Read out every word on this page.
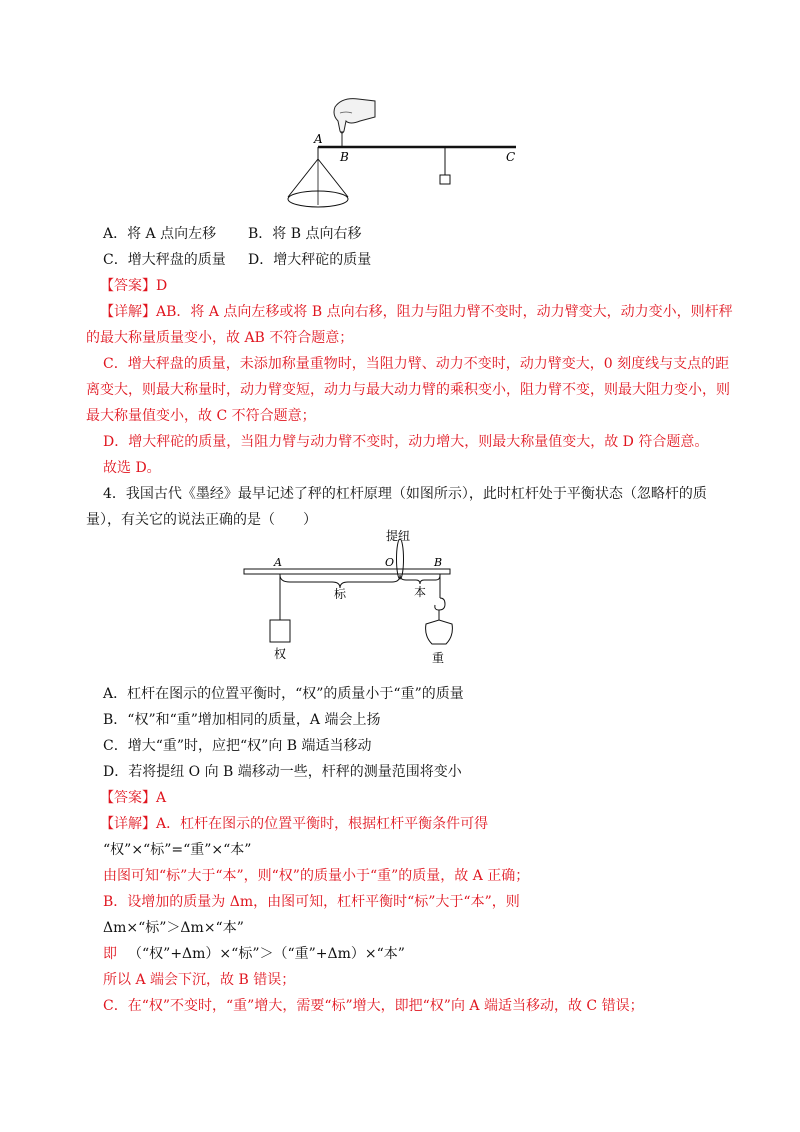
A
B	C
A．将 A 点向左移 B．将 B 点向右移
C．增大秤盘的质量 D．增大秤砣的质量
【答案】D
【详解】AB．将 A 点向左移或将 B 点向右移，阻力与阻力臂不变时，动力臂变大，动力变小，则杆秤
的最大称量质量变小，故 AB 不符合题意；
C．增大秤盘的质量，未添加称量重物时，当阻力臂、动力不变时，动力臂变大，0 刻度线与支点的距
离变大，则最大称量时，动力臂变短，动力与最大动力臂的乘积变小，阻力臂不变，则最大阻力变小，则
最大称量值变小，故 C 不符合题意；
D．增大秤砣的质量，当阻力臂与动力臂不变时，动力增大，则最大称量值变大，故 D 符合题意。
故选 D。
4．我国古代《墨经》最早记述了秤的杠杆原理（如图所示），此时杠杆处于平衡状态（忽略杆的质
量），有关它的说法正确的是（　　）
提纽
A	O	B
标	本
权	重
A．杠杆在图示的位置平衡时，“权”的质量小于“重”的质量
B．“权”和“重”增加相同的质量，A 端会上扬
C．增大“重”时，应把“权”向 B 端适当移动
D．若将提纽 O 向 B 端移动一些，杆秤的测量范围将变小
【答案】A
【详解】A．杠杆在图示的位置平衡时，根据杠杆平衡条件可得
“权”×“标”=“重”×“本”
由图可知“标”大于“本”，则“权”的质量小于“重”的质量，故 A 正确；
B．设增加的质量为 Δm，由图可知，杠杆平衡时“标”大于“本”，则
Δm×“标”＞Δm×“本”
即 （“权”+Δm）×“标”＞（“重”+Δm）×“本”
所以 A 端会下沉，故 B 错误；
C．在“权”不变时，“重”增大，需要“标”增大，即把“权”向 A 端适当移动，故 C 错误；
